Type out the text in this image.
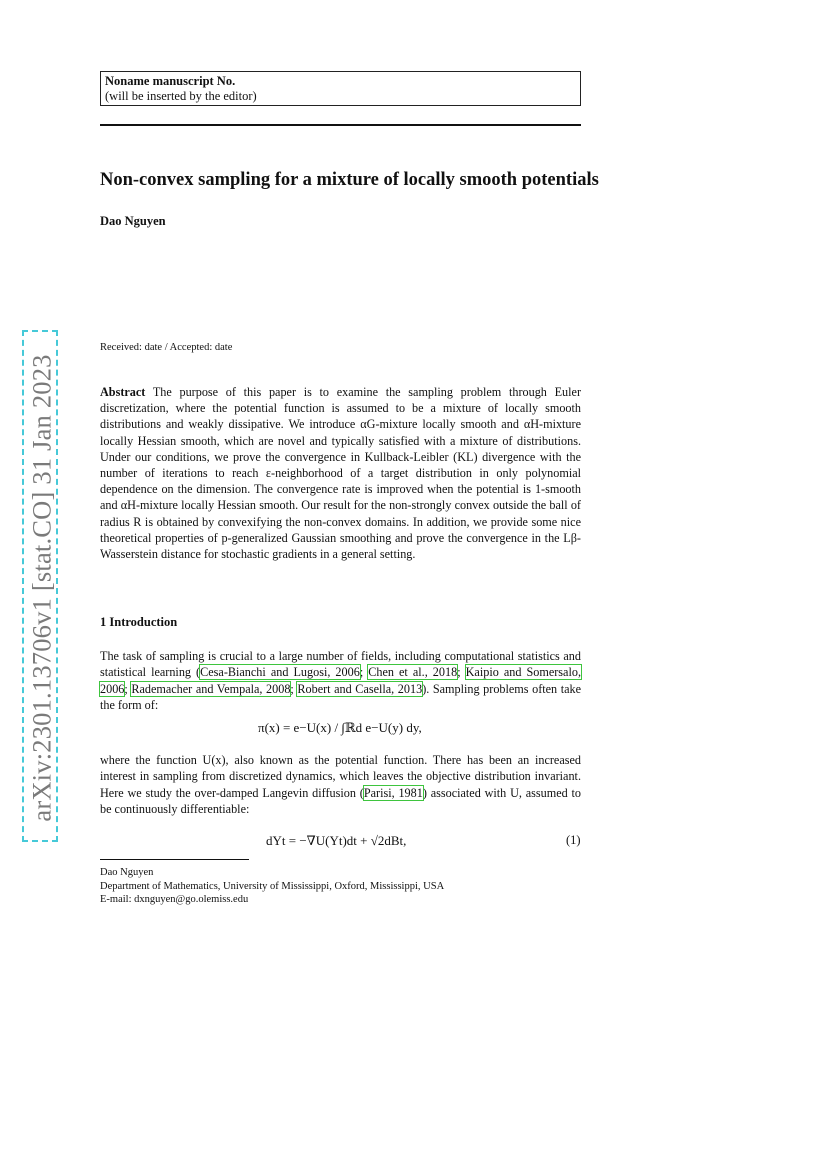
arXiv:2301.13706v1 [stat.CO] 31 Jan 2023
Noname manuscript No.
(will be inserted by the editor)
Non-convex sampling for a mixture of locally smooth potentials
Dao Nguyen
Received: date / Accepted: date
Abstract The purpose of this paper is to examine the sampling problem through Euler discretization, where the potential function is assumed to be a mixture of locally smooth distributions and weakly dissipative. We introduce αG-mixture locally smooth and αH-mixture locally Hessian smooth, which are novel and typically satisfied with a mixture of distributions. Under our conditions, we prove the convergence in Kullback-Leibler (KL) divergence with the number of iterations to reach ε-neighborhood of a target distribution in only polynomial dependence on the dimension. The convergence rate is improved when the potential is 1-smooth and αH-mixture locally Hessian smooth. Our result for the non-strongly convex outside the ball of radius R is obtained by convexifying the non-convex domains. In addition, we provide some nice theoretical properties of p-generalized Gaussian smoothing and prove the convergence in the Lβ-Wasserstein distance for stochastic gradients in a general setting.
1 Introduction
The task of sampling is crucial to a large number of fields, including computational statistics and statistical learning (Cesa-Bianchi and Lugosi, 2006; Chen et al., 2018; Kaipio and Somersalo, 2006; Rademacher and Vempala, 2008; Robert and Casella, 2013). Sampling problems often take the form of:
π(x) = e−U(x) / ∫ℝd e−U(y) dy,
where the function U(x), also known as the potential function. There has been an increased interest in sampling from discretized dynamics, which leaves the objective distribution invariant. Here we study the over-damped Langevin diffusion (Parisi, 1981) associated with U, assumed to be continuously differentiable:
dYt = −∇U(Yt)dt + √2dBt,	(1)
Dao Nguyen
Department of Mathematics, University of Mississippi, Oxford, Mississippi, USA
E-mail: dxnguyen@go.olemiss.edu
